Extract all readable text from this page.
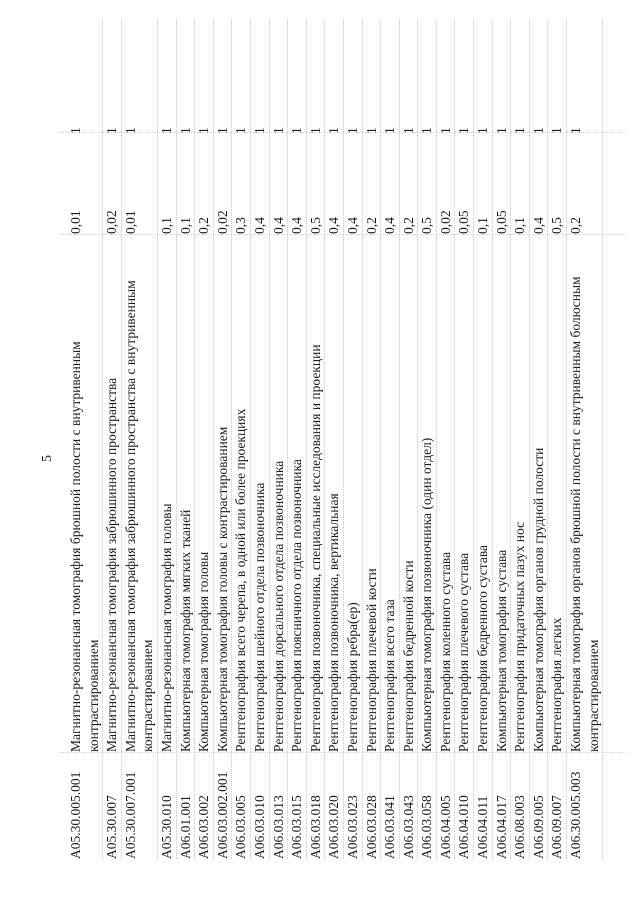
5
A05.30.005.001
Магнитно-резонансная томография брюшной полости с внутривенным контрастированием
0,01
1
A05.30.007
Магнитно-резонансная томография забрюшинного пространства
0,02
1
A05.30.007.001
Магнитно-резонансная томография забрюшинного пространства с внутривенным контрастированием
0,01
1
A05.30.010
Магнитно-резонансная томография головы
0,1
1
A06.01.001
Компьютерная томография мягких тканей
0,1
1
A06.03.002
Компьютерная томография головы
0,2
1
A06.03.002.001
Компьютерная томография головы с контрастированием
0,02
1
A06.03.005
Рентгенография всего черепа, в одной или более проекциях
0,3
1
A06.03.010
Рентгенография шейного отдела позвоночника
0,4
1
A06.03.013
Рентгенография дорсального отдела позвоночника
0,4
1
A06.03.015
Рентгенография поясничного отдела позвоночника
0,4
1
A06.03.018
Рентгенография позвоночника, специальные исследования и проекции
0,5
1
A06.03.020
Рентгенография позвоночника, вертикальная
0,4
1
A06.03.023
Рентгенография ребра(ер)
0,4
1
A06.03.028
Рентгенография плечевой кости
0,2
1
A06.03.041
Рентгенография всего таза
0,4
1
A06.03.043
Рентгенография бедренной кости
0,2
1
A06.03.058
Компьютерная томография позвоночника (один отдел)
0,5
1
A06.04.005
Рентгенография коленного сустава
0,02
1
A06.04.010
Рентгенография плечевого сустава
0,05
1
A06.04.011
Рентгенография бедренного сустава
0,1
1
A06.04.017
Компьютерная томография сустава
0,05
1
A06.08.003
Рентгенография придаточных пазух нос
0,1
1
A06.09.005
Компьютерная томография органов грудной полости
0,4
1
A06.09.007
Рентгенография легких
0,5
1
A06.30.005.003
Компьютерная томография органов брюшной полости с внутривенным болюсным контрастированием
0,2
1
